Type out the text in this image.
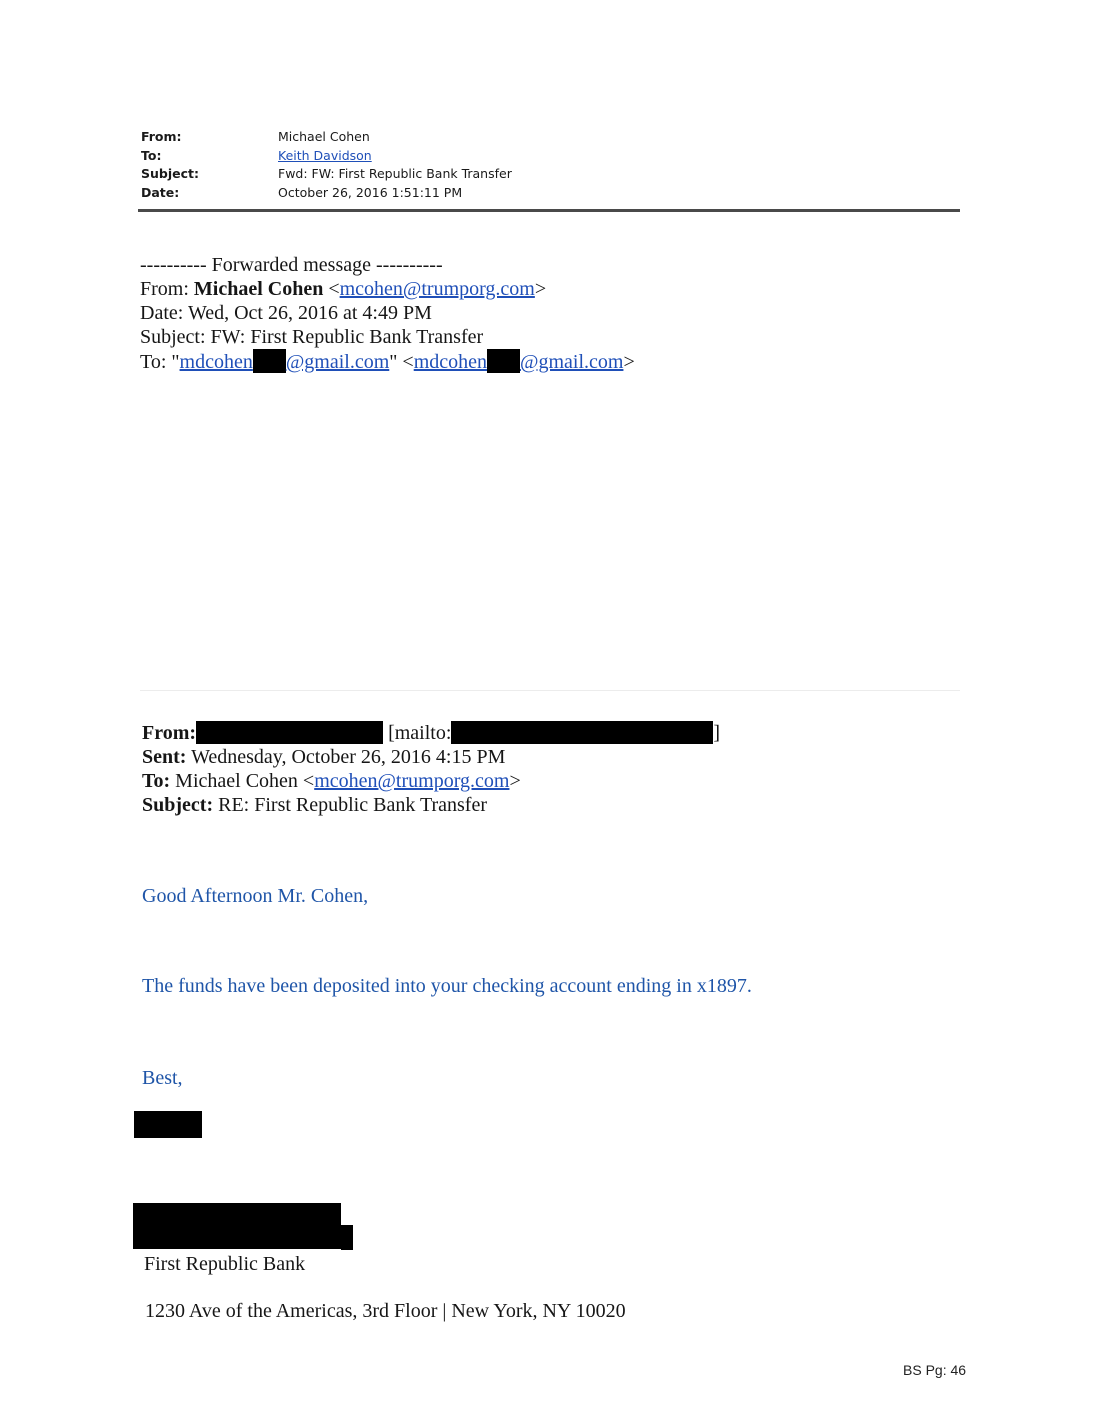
From:	Michael Cohen
To:	Keith Davidson
Subject:	Fwd: FW: First Republic Bank Transfer
Date:	October 26, 2016 1:51:11 PM
---------- Forwarded message ----------
From: Michael Cohen <mcohen@trumporg.com>
Date: Wed, Oct 26, 2016 at 4:49 PM
Subject: FW: First Republic Bank Transfer
To: "mdcohen @gmail.com" <mdcohen @gmail.com>
From:	[mailto:	]
Sent: Wednesday, October 26, 2016 4:15 PM
To: Michael Cohen <mcohen@trumporg.com>
Subject: RE: First Republic Bank Transfer
Good Afternoon Mr. Cohen,
The funds have been deposited into your checking account ending in x1897.
Best,
First Republic Bank
1230 Ave of the Americas, 3rd Floor | New York, NY 10020
BS Pg: 46
